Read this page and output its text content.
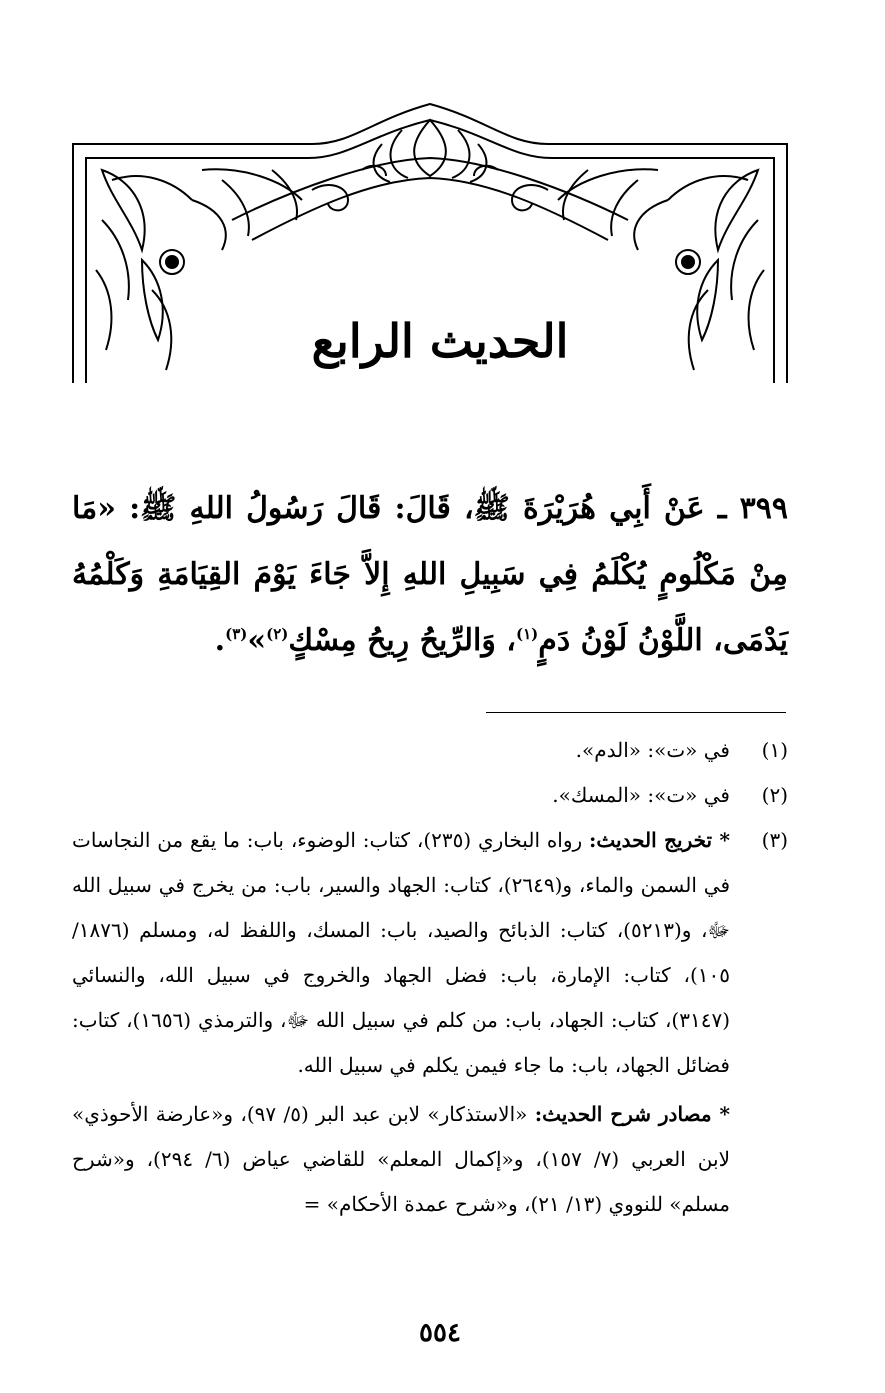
الحديث الرابع
٣٩٩ ـ عَنْ أَبِي هُرَيْرَةَ ﷺ، قَالَ: قَالَ رَسُولُ اللهِ ﷺ: «مَا مِنْ مَكْلُومٍ يُكْلَمُ فِي سَبِيلِ اللهِ إِلاَّ جَاءَ يَوْمَ القِيَامَةِ وَكَلْمُهُ يَدْمَى، اللَّوْنُ لَوْنُ دَمٍ$^{(١)}$، وَالرِّيحُ رِيحُ مِسْكٍ$^{(٢)}$»$^{(٣)}$.
(١)
في «ت»: «الدم».
(٢)
في «ت»: «المسك».
(٣)
* تخريج الحديث: رواه البخاري (٢٣٥)، كتاب: الوضوء، باب: ما يقع من النجاسات في السمن والماء، و(٢٦٤٩)، كتاب: الجهاد والسير، باب: من يخرج في سبيل الله ﷻ، و(٥٢١٣)، كتاب: الذبائح والصيد، باب: المسك، واللفظ له، ومسلم (١٨٧٦/ ١٠٥)، كتاب: الإمارة، باب: فضل الجهاد والخروج في سبيل الله، والنسائي (٣١٤٧)، كتاب: الجهاد، باب: من كلم في سبيل الله ﷻ، والترمذي (١٦٥٦)، كتاب: فضائل الجهاد، باب: ما جاء فيمن يكلم في سبيل الله.
* مصادر شرح الحديث: «الاستذكار» لابن عبد البر (٥/ ٩٧)، و«عارضة الأحوذي» لابن العربي (٧/ ١٥٧)، و«إكمال المعلم» للقاضي عياض (٦/ ٢٩٤)، و«شرح مسلم» للنووي (١٣/ ٢١)، و«شرح عمدة الأحكام» =
٥٥٤
